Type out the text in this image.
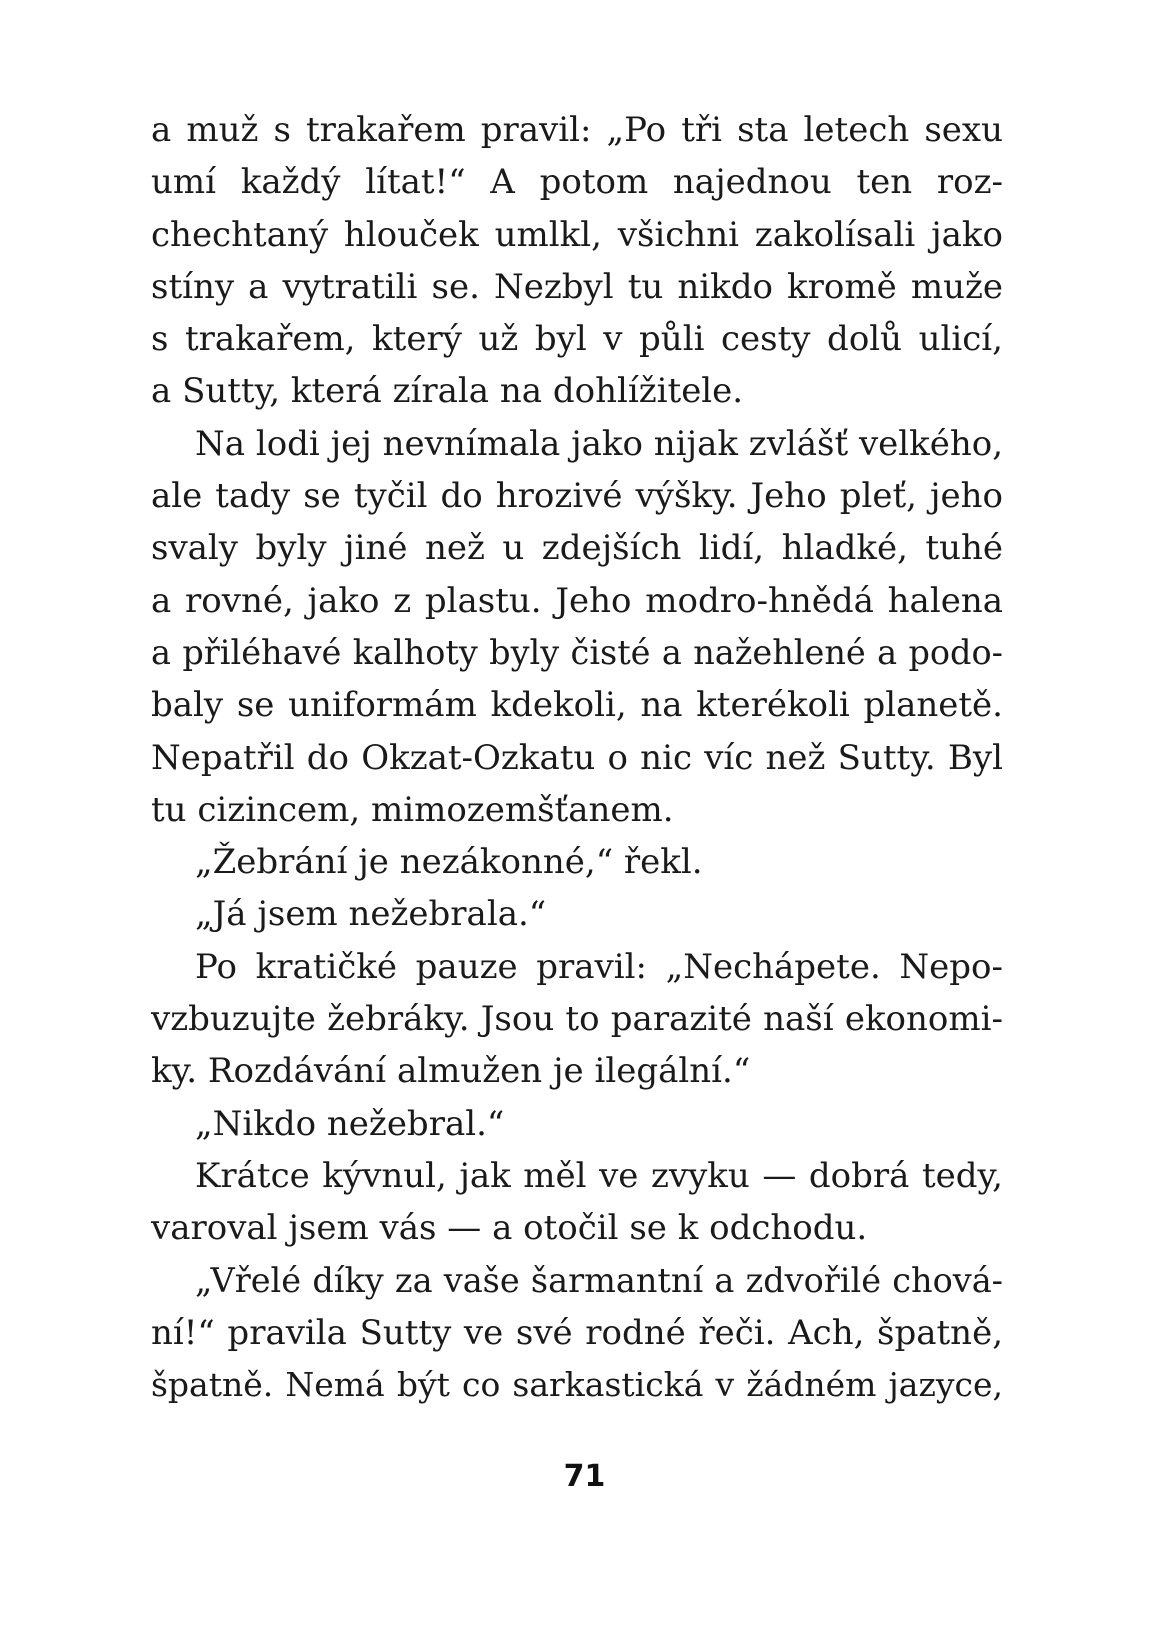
a muž s trakařem pravil: „Po tři sta letech sexu
umí každý lítat!“ A potom najednou ten roz-
chechtaný hlouček umlkl, všichni zakolísali jako
stíny a vytratili se. Nezbyl tu nikdo kromě muže
s trakařem, který už byl v půli cesty dolů ulicí,
a Sutty, která zírala na dohlížitele.
Na lodi jej nevnímala jako nijak zvlášť velkého,
ale tady se tyčil do hrozivé výšky. Jeho pleť, jeho
svaly byly jiné než u zdejších lidí, hladké, tuhé
a rovné, jako z plastu. Jeho modro-hnědá halena
a přiléhavé kalhoty byly čisté a nažehlené a podo-
baly se uniformám kdekoli, na kterékoli planetě.
Nepatřil do Okzat-Ozkatu o nic víc než Sutty. Byl
tu cizincem, mimozemšťanem.
„Žebrání je nezákonné,“ řekl.
„Já jsem nežebrala.“
Po kratičké pauze pravil: „Nechápete. Nepo-
vzbuzujte žebráky. Jsou to parazité naší ekonomi-
ky. Rozdávání almužen je ilegální.“
„Nikdo nežebral.“
Krátce kývnul, jak měl ve zvyku — dobrá tedy,
varoval jsem vás — a otočil se k odchodu.
„Vřelé díky za vaše šarmantní a zdvořilé chová-
ní!“ pravila Sutty ve své rodné řeči. Ach, špatně,
špatně. Nemá být co sarkastická v žádném jazyce,
71
